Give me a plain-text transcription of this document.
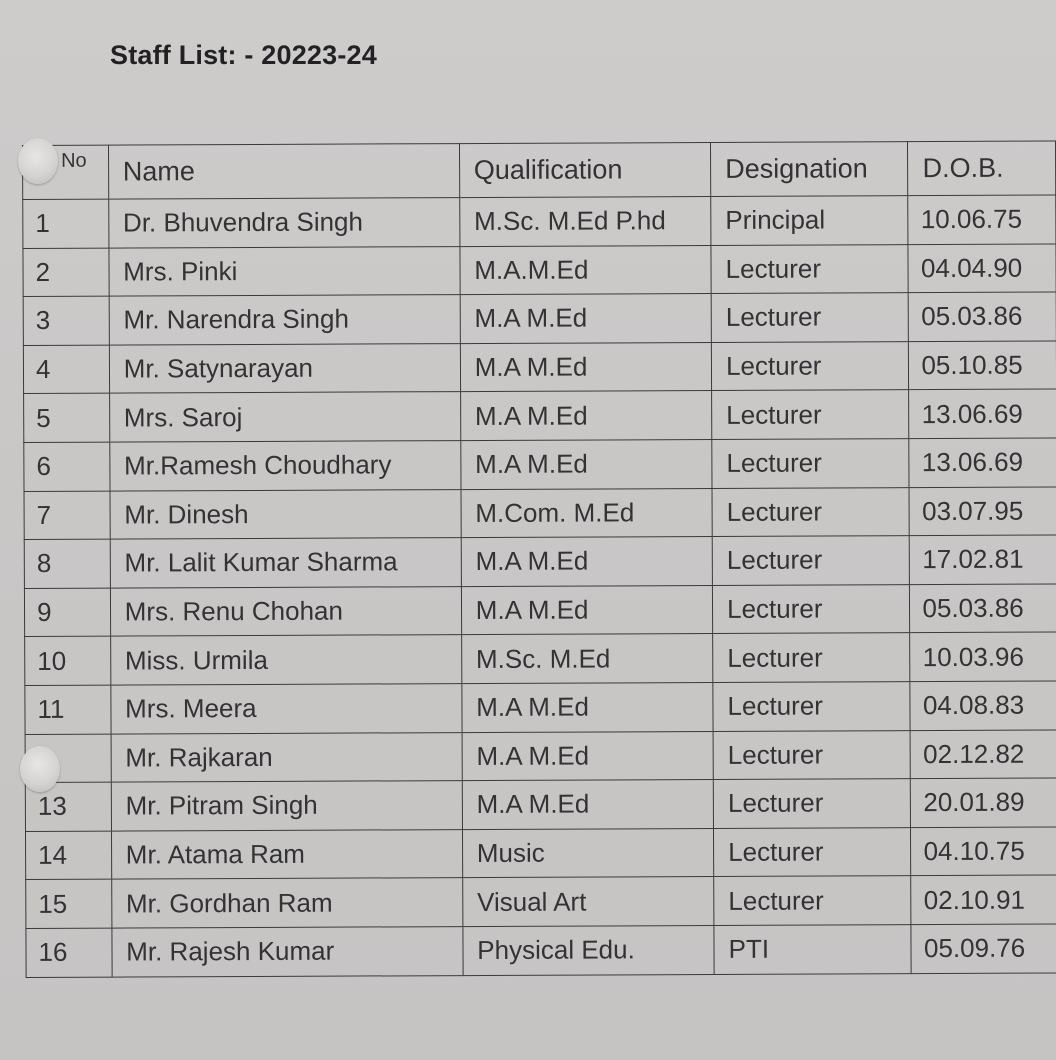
Staff List: - 20223-24
No	Name	Qualification	Designation	D.O.B.
1	Dr. Bhuvendra Singh	M.Sc. M.Ed P.hd	Principal	10.06.75
2	Mrs. Pinki	M.A.M.Ed	Lecturer	04.04.90
3	Mr. Narendra Singh	M.A M.Ed	Lecturer	05.03.86
4	Mr. Satynarayan	M.A M.Ed	Lecturer	05.10.85
5	Mrs. Saroj	M.A M.Ed	Lecturer	13.06.69
6	Mr.Ramesh Choudhary	M.A M.Ed	Lecturer	13.06.69
7	Mr. Dinesh	M.Com. M.Ed	Lecturer	03.07.95
8	Mr. Lalit Kumar Sharma	M.A M.Ed	Lecturer	17.02.81
9	Mrs. Renu Chohan	M.A M.Ed	Lecturer	05.03.86
10	Miss. Urmila	M.Sc. M.Ed	Lecturer	10.03.96
11	Mrs. Meera	M.A M.Ed	Lecturer	04.08.83
	Mr. Rajkaran	M.A M.Ed	Lecturer	02.12.82
13	Mr. Pitram Singh	M.A M.Ed	Lecturer	20.01.89
14	Mr. Atama Ram	Music	Lecturer	04.10.75
15	Mr. Gordhan Ram	Visual Art	Lecturer	02.10.91
16	Mr. Rajesh Kumar	Physical Edu.	PTI	05.09.76
